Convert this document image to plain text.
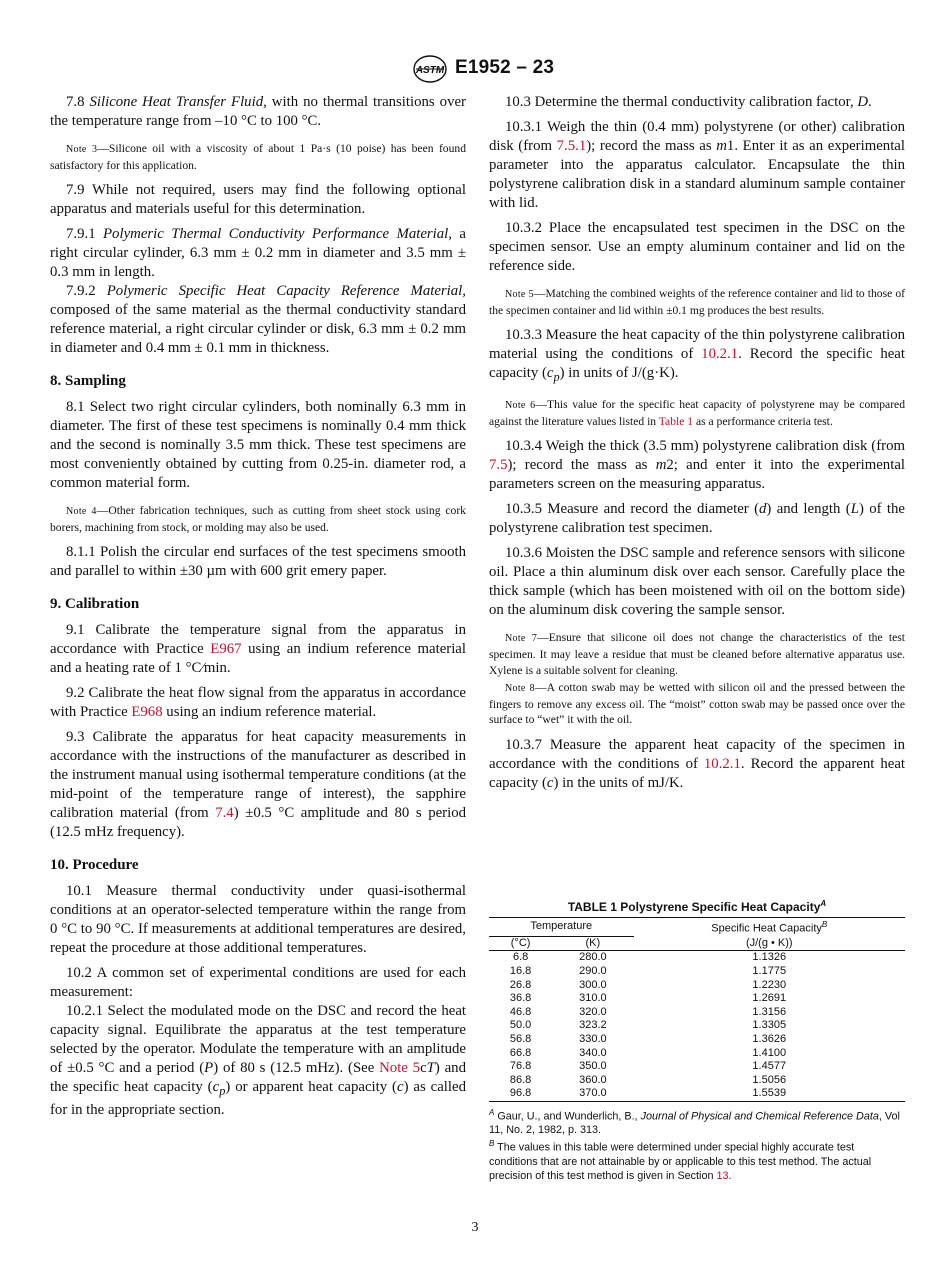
ASTM E1952 – 23

7.8 Silicone Heat Transfer Fluid, with no thermal transitions over the temperature range from –10 °C to 100 °C.

Note 3—Silicone oil with a viscosity of about 1 Pa·s (10 poise) has been found satisfactory for this application.

7.9 While not required, users may find the following optional apparatus and materials useful for this determination.

7.9.1 Polymeric Thermal Conductivity Performance Material, a right circular cylinder, 6.3 mm ± 0.2 mm in diameter and 3.5 mm ± 0.3 mm in length.

7.9.2 Polymeric Specific Heat Capacity Reference Material, composed of the same material as the thermal conductivity standard reference material, a right circular cylinder or disk, 6.3 mm ± 0.2 mm in diameter and 0.4 mm ± 0.1 mm in thickness.

8. Sampling

8.1 Select two right circular cylinders, both nominally 6.3 mm in diameter. The first of these test specimens is nominally 0.4 mm thick and the second is nominally 3.5 mm thick. These test specimens are most conveniently obtained by cutting from 0.25-in. diameter rod, a common material form.

Note 4—Other fabrication techniques, such as cutting from sheet stock using cork borers, machining from stock, or molding may also be used.

8.1.1 Polish the circular end surfaces of the test specimens smooth and parallel to within ±30 µm with 600 grit emery paper.

9. Calibration

9.1 Calibrate the temperature signal from the apparatus in accordance with Practice E967 using an indium reference material and a heating rate of 1 °C⁄min.

9.2 Calibrate the heat flow signal from the apparatus in accordance with Practice E968 using an indium reference material.

9.3 Calibrate the apparatus for heat capacity measurements in accordance with the instructions of the manufacturer as described in the instrument manual using isothermal temperature conditions (at the mid-point of the temperature range of interest), the sapphire calibration material (from 7.4) ±0.5 °C amplitude and 80 s period (12.5 mHz frequency).

10. Procedure

10.1 Measure thermal conductivity under quasi-isothermal conditions at an operator-selected temperature within the range from 0 °C to 90 °C. If measurements at additional temperatures are desired, repeat the procedure at those additional temperatures.

10.2 A common set of experimental conditions are used for each measurement:

10.2.1 Select the modulated mode on the DSC and record the heat capacity signal. Equilibrate the apparatus at the test temperature selected by the operator. Modulate the temperature with an amplitude of ±0.5 °C and a period (P) of 80 s (12.5 mHz). (See Note 5cT) and the specific heat capacity $(c_p)$ or apparent heat capacity (c) as called for in the appropriate section.

10.3 Determine the thermal conductivity calibration factor, D.

10.3.1 Weigh the thin (0.4 mm) polystyrene (or other) calibration disk (from 7.5.1); record the mass as m1. Enter it as an experimental parameter into the apparatus calculator. Encapsulate the thin polystyrene calibration disk in a standard aluminum sample container with lid.

10.3.2 Place the encapsulated test specimen in the DSC on the specimen sensor. Use an empty aluminum container and lid on the reference side.

Note 5—Matching the combined weights of the reference container and lid to those of the specimen container and lid within ±0.1 mg produces the best results.

10.3.3 Measure the heat capacity of the thin polystyrene calibration material using the conditions of 10.2.1. Record the specific heat capacity $(c_p)$ in units of J/(g·K).

Note 6—This value for the specific heat capacity of polystyrene may be compared against the literature values listed in Table 1 as a performance criteria test.

10.3.4 Weigh the thick (3.5 mm) polystyrene calibration disk (from 7.5); record the mass as m2; and enter it into the experimental parameters screen on the measuring apparatus.

10.3.5 Measure and record the diameter (d) and length (L) of the polystyrene calibration test specimen.

10.3.6 Moisten the DSC sample and reference sensors with silicone oil. Place a thin aluminum disk over each sensor. Carefully place the thick sample (which has been moistened with oil on the bottom side) on the aluminum disk covering the sample sensor.

Note 7—Ensure that silicone oil does not change the characteristics of the test specimen. It may leave a residue that must be cleaned before alternative apparatus use. Xylene is a suitable solvent for cleaning.

Note 8—A cotton swab may be wetted with silicon oil and the pressed between the fingers to remove any excess oil. The “moist” cotton swab may be passed once over the surface to “wet” it with the oil.

10.3.7 Measure the apparent heat capacity of the specimen in accordance with the conditions of 10.2.1. Record the apparent heat capacity (c) in the units of mJ/K.

TABLE 1 Polystyrene Specific Heat Capacity$^A$
Temperature		Specific Heat Capacity$^B$
(°C)	(K)	(J/(g • K))
6.8	280.0	1.1326
16.8	290.0	1.1775
26.8	300.0	1.2230
36.8	310.0	1.2691
46.8	320.0	1.3156
50.0	323.2	1.3305
56.8	330.0	1.3626
66.8	340.0	1.4100
76.8	350.0	1.4577
86.8	360.0	1.5056
96.8	370.0	1.5539
$^A$ Gaur, U., and Wunderlich, B., Journal of Physical and Chemical Reference Data, Vol 11, No. 2, 1982, p. 313.
$^B$ The values in this table were determined under special highly accurate test conditions that are not attainable by or applicable to this test method. The actual precision of this test method is given in Section 13.
3
